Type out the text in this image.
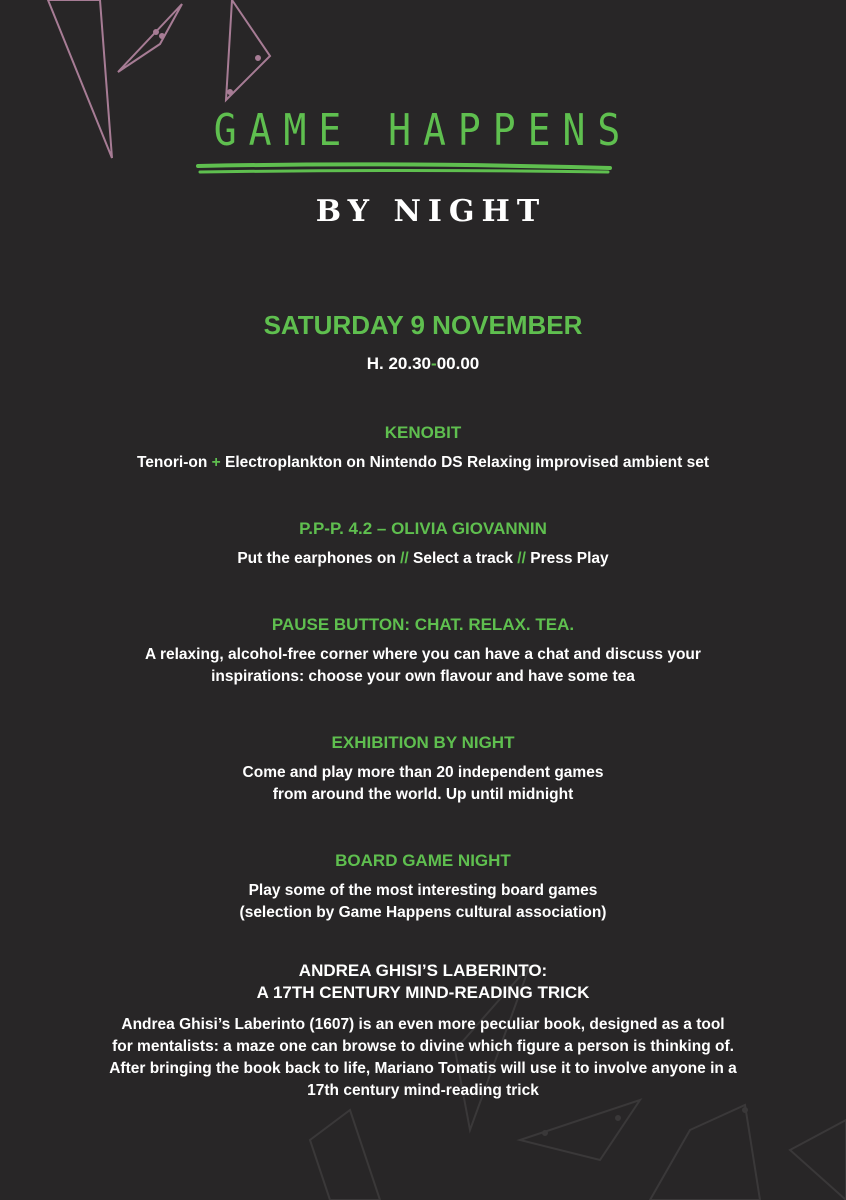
GAME HAPPENS
BY NIGHT
SATURDAY 9 NOVEMBER
H. 20.30-00.00
KENOBIT
Tenori-on + Electroplankton on Nintendo DS Relaxing improvised ambient set
P.P-P. 4.2 – OLIVIA GIOVANNIN
Put the earphones on // Select a track // Press Play
PAUSE BUTTON: CHAT. RELAX. TEA.
A relaxing, alcohol-free corner where you can have a chat and discuss your
inspirations: choose your own flavour and have some tea
EXHIBITION BY NIGHT
Come and play more than 20 independent games
from around the world. Up until midnight
BOARD GAME NIGHT
Play some of the most interesting board games
(selection by Game Happens cultural association)
ANDREA GHISI’S LABERINTO:
A 17TH CENTURY MIND-READING TRICK
Andrea Ghisi’s Laberinto (1607) is an even more peculiar book, designed as a tool
for mentalists: a maze one can browse to divine which figure a person is thinking of.
After bringing the book back to life, Mariano Tomatis will use it to involve anyone in a
17th century mind-reading trick
